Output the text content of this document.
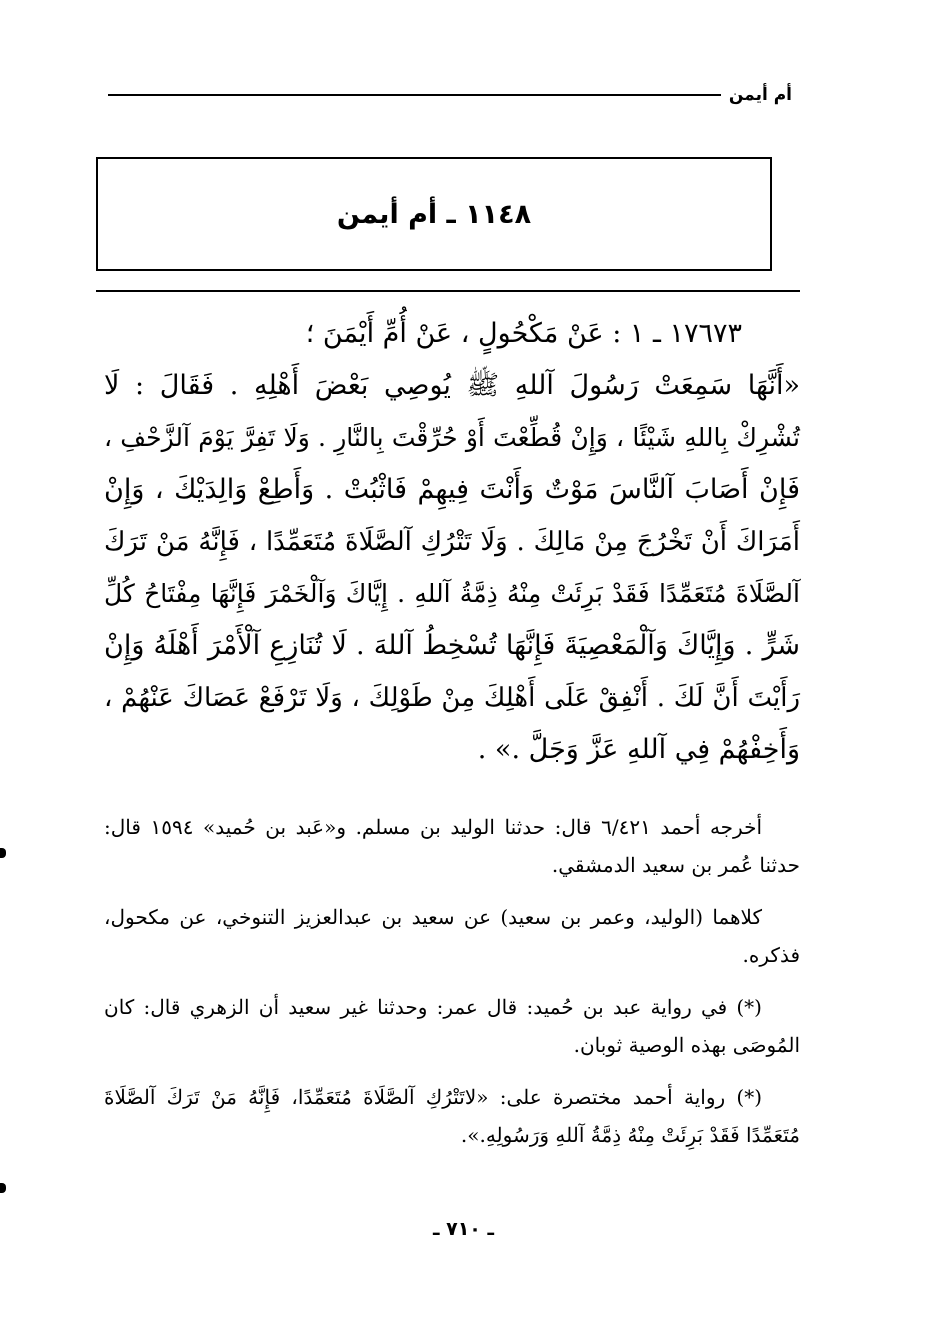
أم أيمن
١١٤٨ ـ أم أيمن

١٧٦٧٣ ـ ١ : عَنْ مَكْحُولٍ ، عَنْ أُمِّ أَيْمَنَ ؛

«أَنَّهَا سَمِعَتْ رَسُولَ آللهِ ﷺ يُوصِي بَعْضَ أَهْلِهِ . فَقَالَ : لَا

تُشْرِكْ بِاللهِ شَيْئًا ، وَإِنْ قُطِّعْتَ أَوْ حُرِّقْتَ بِالنَّارِ . وَلَا تَفِرَّ يَوْمَ آلزَّحْفِ ،

فَإِنْ أَصَابَ آلنَّاسَ مَوْتٌ وَأَنْتَ فِيهِمْ فَاثْبُتْ . وَأَطِعْ وَالِدَيْكَ ، وَإِنْ

أَمَرَاكَ أَنْ تَخْرُجَ مِنْ مَالِكَ . وَلَا تَتْرُكِ آلصَّلَاةَ مُتَعَمِّدًا ، فَإِنَّهُ مَنْ تَرَكَ

آلصَّلَاةَ مُتَعَمِّدًا فَقَدْ بَرِئَتْ مِنْهُ ذِمَّةُ آللهِ . إِيَّاكَ وَآلْخَمْرَ فَإِنَّهَا مِفْتَاحُ كُلِّ

شَرٍّ . وَإِيَّاكَ وَآلْمَعْصِيَةَ فَإِنَّهَا تُسْخِطُ آللهَ . لَا تُنَازِعِ آلْأَمْرَ أَهْلَهُ وَإِنْ

رَأَيْتَ أَنَّ لَكَ . أَنْفِقْ عَلَى أَهْلِكَ مِنْ طَوْلِكَ ، وَلَا تَرْفَعْ عَصَاكَ عَنْهُمْ ،

وَأَخِفْهُمْ فِي آللهِ عَزَّ وَجَلَّ .» .

أخرجه أحمد ٦/٤٢١ قال: حدثنا الوليد بن مسلم. و«عَبد بن حُميد» ١٥٩٤ قال: حدثنا عُمر بن سعيد الدمشقي.

كلاهما (الوليد، وعمر بن سعيد) عن سعيد بن عبدالعزيز التنوخي، عن مكحول، فذكره.

(*) في رواية عبد بن حُميد: قال عمر: وحدثنا غير سعيد أن الزهري قال: كان المُوصَى بهذه الوصية ثوبان.

(*) رواية أحمد مختصرة على: «لاتَتْرُكِ آلصَّلَاةَ مُتَعَمِّدًا، فَإِنَّهُ مَنْ تَرَكَ آلصَّلَاةَ مُتَعَمِّدًا فَقَدْ بَرِئَتْ مِنْهُ ذِمَّةُ آللهِ وَرَسُولِهِ.».

ـ ٧١٠ ـ
